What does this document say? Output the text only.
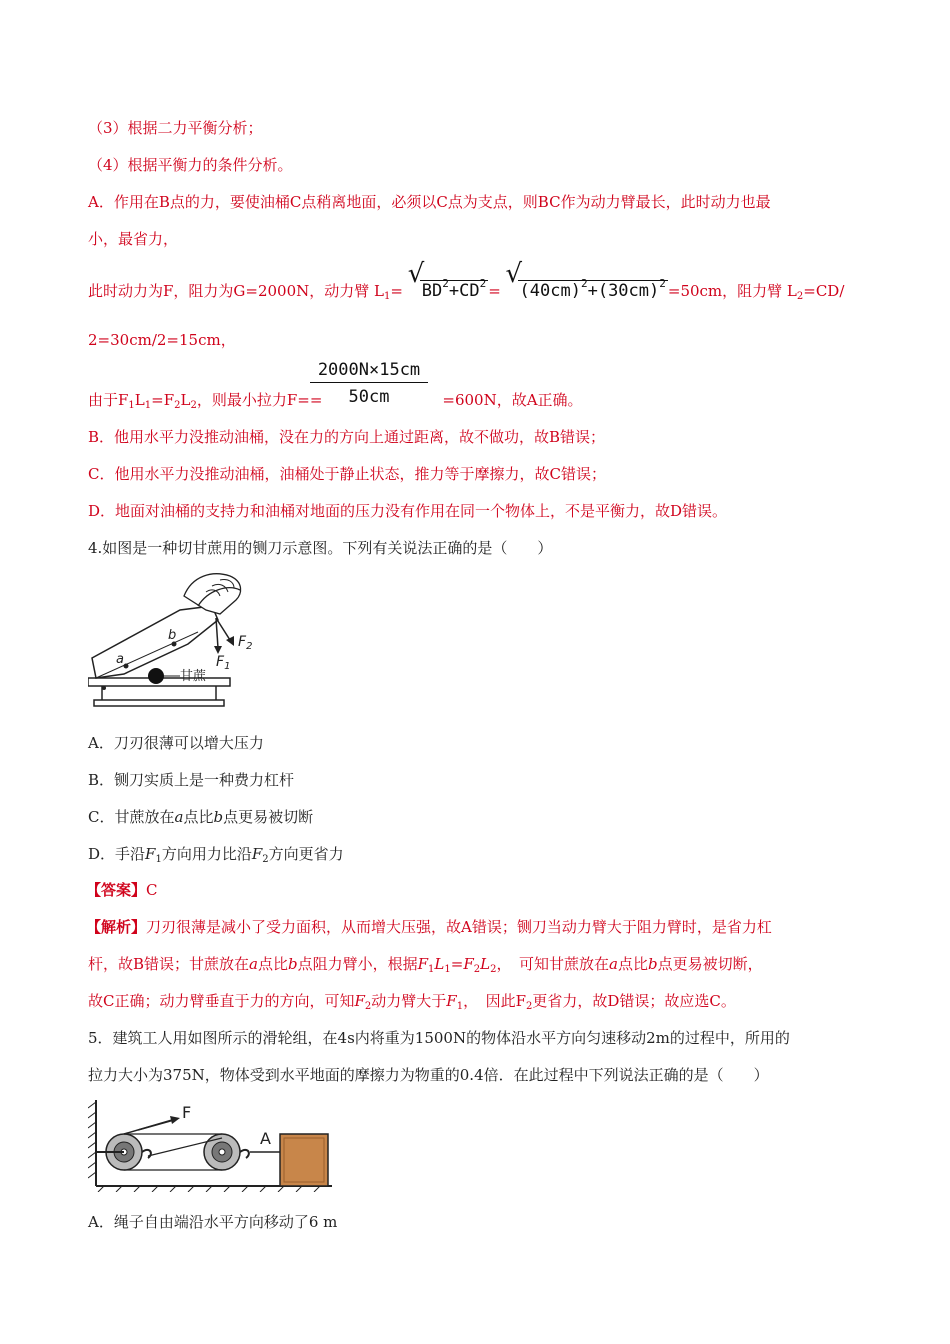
（3）根据二力平衡分析；
（4）根据平衡力的条件分析。
A．作用在B点的力，要使油桶C点稍离地面，必须以C点为支点，则BC作为动力臂最长，此时动力也最
小，最省力，
此时动力为F，阻力为G=2000N，动力臂 $L_1=$
√
$BD^2+CD^2$ =
√
$(40cm)^2+(30cm)^2 =50cm$，阻力臂 $L_2=CD/$
2=30cm/2=15cm，
$\frac{2000N\times 15cm}{50cm}$
由于$F_1L_1=F_2L_2$，则最小拉力F==	=600N，故A正确。
B．他用水平力没推动油桶，没在力的方向上通过距离，故不做功，故B错误；
C．他用水平力没推动油桶，油桶处于静止状态，推力等于摩擦力，故C错误；
D．地面对油桶的支持力和油桶对地面的压力没有作用在同一个物体上，不是平衡力，故D错误。
4.如图是一种切甘蔗用的铡刀示意图。下列有关说法正确的是（　　）
a
b
甘蔗
$F_1$
$F_2$
A．刀刃很薄可以增大压力
B．铡刀实质上是一种费力杠杆
C．甘蔗放在a点比b点更易被切断
D．手沿$F_1$方向用力比沿$F_2$方向更省力
【答案】C
【解析】刀刃很薄是减小了受力面积，从而增大压强，故A错误；铡刀当动力臂大于阻力臂时，是省力杠
杆，故B错误；甘蔗放在a点比b点阻力臂小，根据$F_1L_1=F_2L_2$，　可知甘蔗放在a点比b点更易被切断，
故C正确；动力臂垂直于力的方向，可知$F_2$动力臂大于$F_1$，　因此$F_2$更省力，故D错误；故应选C。
5．建筑工人用如图所示的滑轮组，在4s内将重为1500N的物体沿水平方向匀速移动2m的过程中，所用的
拉力大小为375N，物体受到水平地面的摩擦力为物重的0.4倍．在此过程中下列说法正确的是（　　）
F
A
A．绳子自由端沿水平方向移动了6 m
